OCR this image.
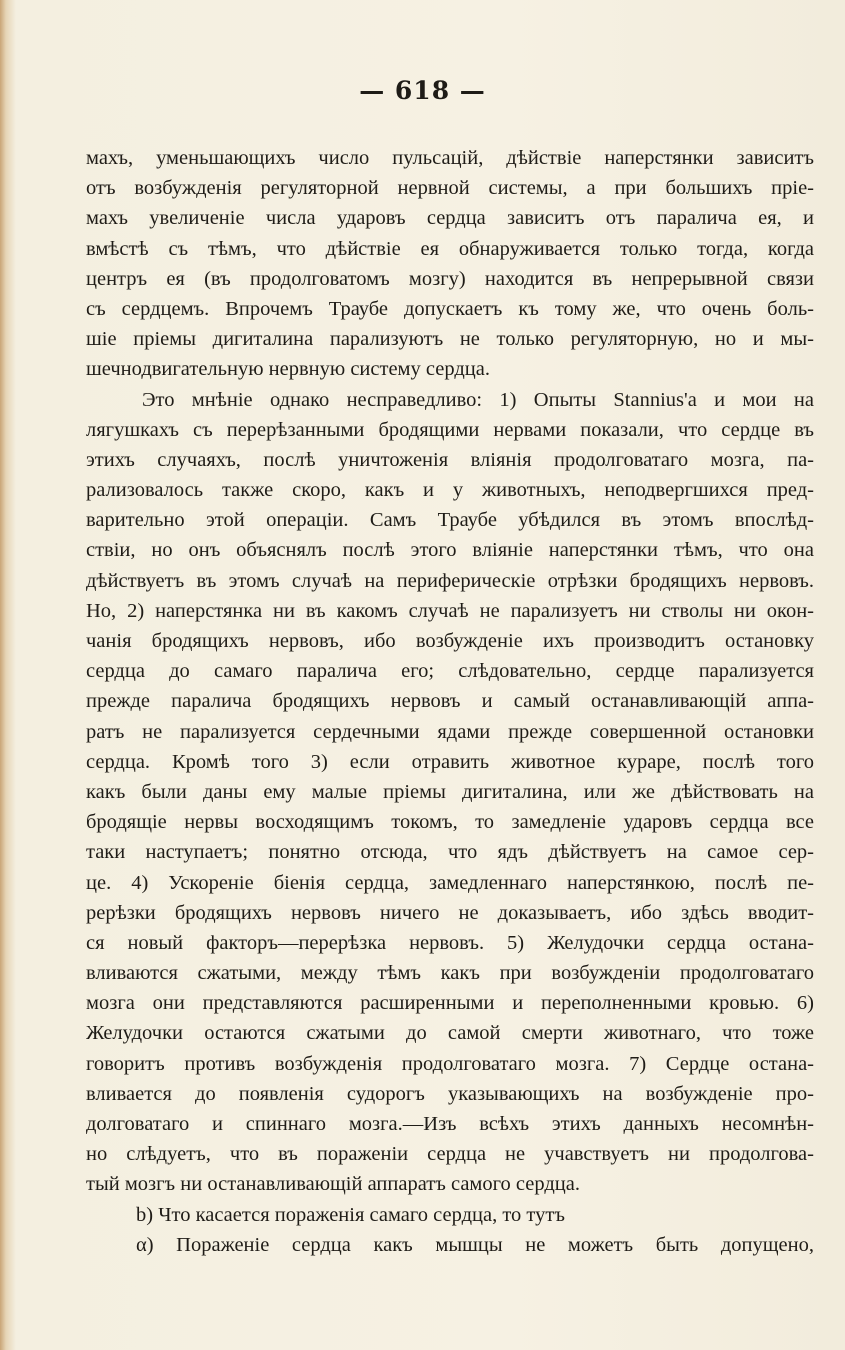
— 618 —
махъ, уменьшающихъ число пульсацій, дѣйствіе наперстянки зависитъ
отъ возбужденія регуляторной нервной системы, а при большихъ пріе-
махъ увеличеніе числа ударовъ сердца зависитъ отъ паралича ея, и
вмѣстѣ съ тѣмъ, что дѣйствіе ея обнаруживается только тогда, когда
центръ ея (въ продолговатомъ мозгу) находится въ непрерывной связи
съ сердцемъ. Впрочемъ Траубе допускаетъ къ тому же, что очень боль-
шіе пріемы дигиталина парализуютъ не только регуляторную, но и мы-
шечнодвигательную нервную систему сердца.
Это мнѣніе однако несправедливо: 1) Опыты Stannius'a и мои на
лягушкахъ съ перерѣзанными бродящими нервами показали, что сердце въ
этихъ случаяхъ, послѣ уничтоженія вліянія продолговатаго мозга, па-
рализовалось также скоро, какъ и у животныхъ, неподвергшихся пред-
варительно этой операціи. Самъ Траубе убѣдился въ этомъ впослѣд-
ствіи, но онъ объяснялъ послѣ этого вліяніе наперстянки тѣмъ, что она
дѣйствуетъ въ этомъ случаѣ на периферическіе отрѣзки бродящихъ нервовъ.
Но, 2) наперстянка ни въ какомъ случаѣ не парализуетъ ни стволы ни окон-
чанія бродящихъ нервовъ, ибо возбужденіе ихъ производитъ остановку
сердца до самаго паралича его; слѣдовательно, сердце парализуется
прежде паралича бродящихъ нервовъ и самый останавливающій аппа-
ратъ не парализуется сердечными ядами прежде совершенной остановки
сердца. Кромѣ того 3) если отравить животное кураре, послѣ того
какъ были даны ему малые пріемы дигиталина, или же дѣйствовать на
бродящіе нервы восходящимъ токомъ, то замедленіе ударовъ сердца все
таки наступаетъ; понятно отсюда, что ядъ дѣйствуетъ на самое сер-
це. 4) Ускореніе біенія сердца, замедленнаго наперстянкою, послѣ пе-
рерѣзки бродящихъ нервовъ ничего не доказываетъ, ибо здѣсь вводит-
ся новый факторъ—перерѣзка нервовъ. 5) Желудочки сердца остана-
вливаются сжатыми, между тѣмъ какъ при возбужденіи продолговатаго
мозга они представляются расширенными и переполненными кровью. 6)
Желудочки остаются сжатыми до самой смерти животнаго, что тоже
говоритъ противъ возбужденія продолговатаго мозга. 7) Сердце остана-
вливается до появленія судорогъ указывающихъ на возбужденіе про-
долговатаго и спиннаго мозга.—Изъ всѣхъ этихъ данныхъ несомнѣн-
но слѣдуетъ, что въ пораженіи сердца не учавствуетъ ни продолгова-
тый мозгъ ни останавливающій аппаратъ самого сердца.
b) Что касается пораженія самаго сердца, то тутъ
α) Пораженіе сердца какъ мышцы не можетъ быть допущено,
